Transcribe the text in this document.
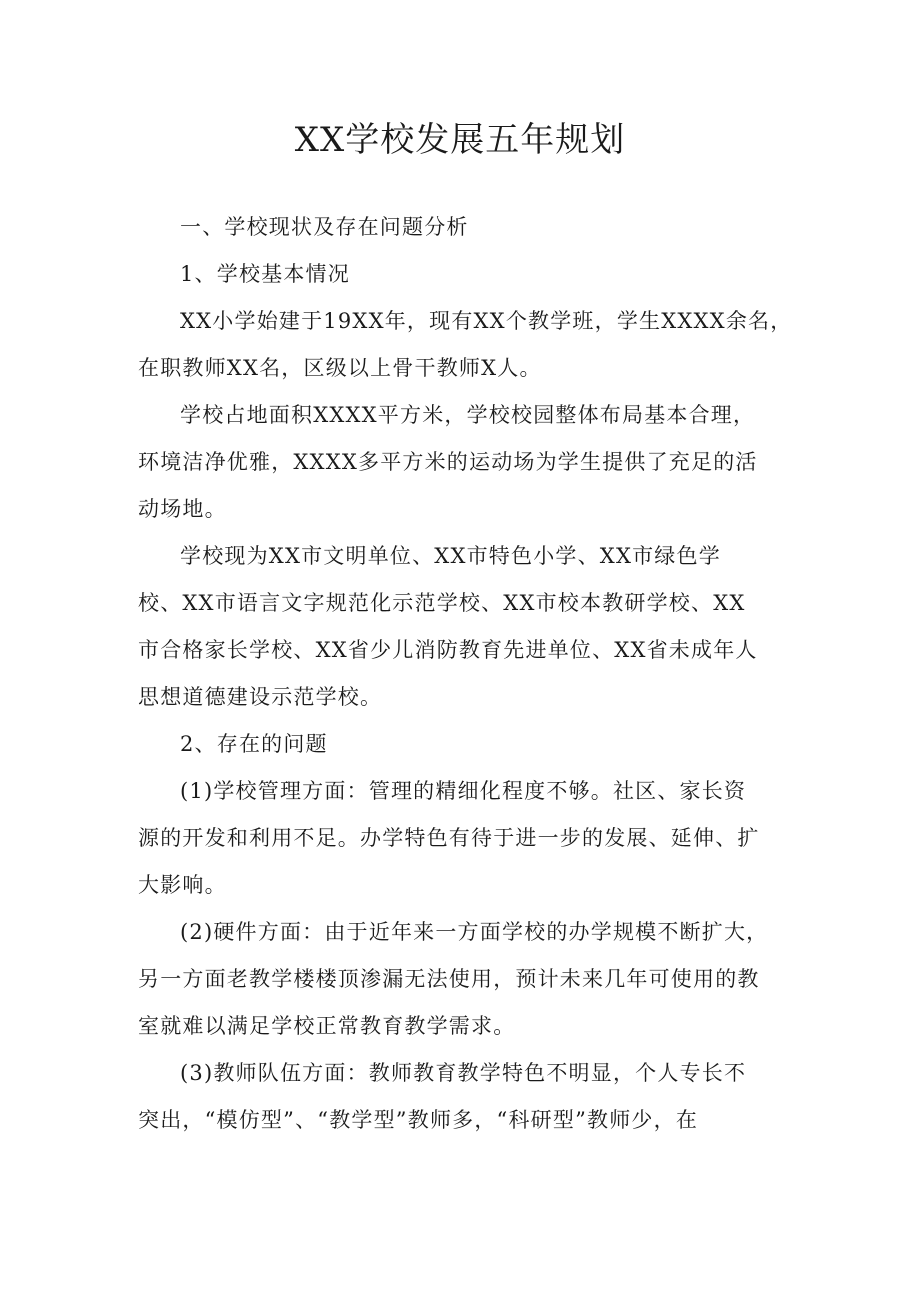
XX学校发展五年规划

一、学校现状及存在问题分析

1、学校基本情况

XX小学始建于19XX年，现有XX个教学班，学生XXXX余名，
在职教师XX名，区级以上骨干教师X人。

学校占地面积XXXX平方米，学校校园整体布局基本合理，
环境洁净优雅，XXXX多平方米的运动场为学生提供了充足的活
动场地。

学校现为XX市文明单位、XX市特色小学、XX市绿色学
校、XX市语言文字规范化示范学校、XX市校本教研学校、XX
市合格家长学校、XX省少儿消防教育先进单位、XX省未成年人
思想道德建设示范学校。

2、存在的问题

(1)学校管理方面：管理的精细化程度不够。社区、家长资
源的开发和利用不足。办学特色有待于进一步的发展、延伸、扩
大影响。

(2)硬件方面：由于近年来一方面学校的办学规模不断扩大，
另一方面老教学楼楼顶渗漏无法使用，预计未来几年可使用的教
室就难以满足学校正常教育教学需求。

(3)教师队伍方面：教师教育教学特色不明显，个人专长不
突出，“模仿型”、“教学型”教师多，“科研型”教师少，在
